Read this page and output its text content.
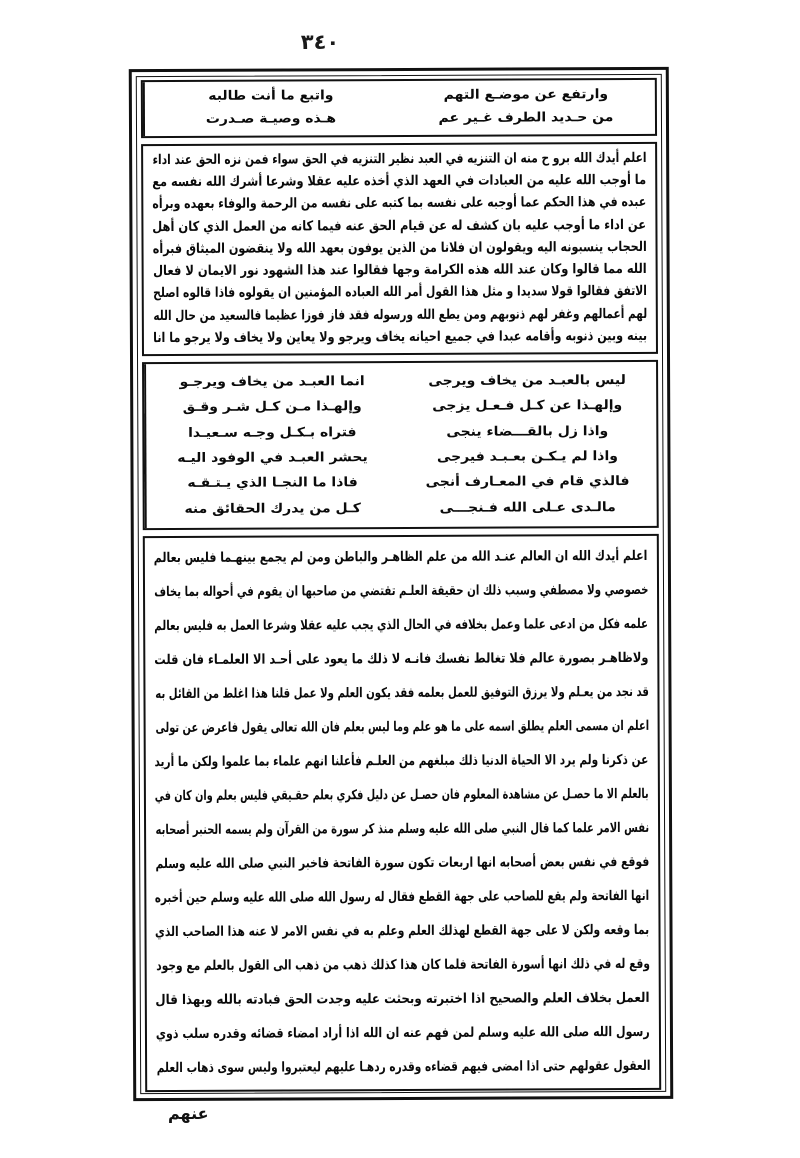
٣٤٠
واتبع ما أنت طالبه
هـذه وصيـة صـدرت
وارتفع عن موضـع التهم
من حـديد الطرف غـير عم
اعلم أيدك الله برو ح منه ان التنزيه في العبد نظير التنزيه في الحق سواء فمن نزه الحق عند اداء
ما أوجب الله عليه من العبادات في العهد الذي أخذه عليه عقلا وشرعا أشرك الله نفسه مع
عبده في هذا الحكم عما أوجبه على نفسه بما كتبه على نفسه من الرحمة والوفاء بعهده وبرأه
عن اداء ما أوجب عليه بان كشف له عن قيام الحق عنه فيما كانه من العمل الذي كان أهل
الحجاب ينسبونه اليه ويقولون ان فلانا من الذين يوفون بعهد الله ولا ينقضون الميثاق فبرأه
الله مما قالوا وكان عند الله هذه الكرامة وجها فقالوا عند هذا الشهود نور الايمان لا فعال
الاتفق فقالوا قولا سديدا و مثل هذا القول أمر الله العباده المؤمنين ان يقولوه فاذا قالوه اصلح
لهم أعمالهم وغفر لهم ذنوبهم ومن يطع الله ورسوله فقد فاز فوزا عظيما فالسعيد من حال الله
بينه وبين ذنوبه وأقامه عبدا في جميع احيانه يخاف ويرجو ولا يعاين ولا يخاف ولا يرجو ما انا
انما العبـد من يخاف ويرجـو
وإلهـذا مـن كـل شـر وقـق
فتراه بـكـل وجـه سـعيـدا
يحشر العبـد في الوفود اليـه
فاذا ما النجـا الذي يـتـقـه
كـل من يدرك الحقائق منه
ليس بالعبـد من يخاف ويرجى
وإلهـذا عن كـل فـعـل يزجى
واذا زل بالقـــضاء ينجى
واذا لم يـكـن بعـبـد فيرجى
فالذي قام في المعـارف أنجى
مالـدى عـلى الله فـنجـــى
اعلم أيدك الله ان العالم عنـد الله من علم الظاهـر والباطن ومن لم يجمع بينهـما فليس بعالم
خصوصي ولا مصطفي وسبب ذلك ان حقيقة العلـم تقتضي من صاحبها ان يقوم في أحواله بما يخاف
علمه فكل من ادعى علما وعمل بخلافه في الحال الذي يجب عليه عقلا وشرعا العمل به فليس بعالم
ولاظاهـر بصورة عالم فلا تغالط نفسك فانـه لا ذلك ما يعود على أحـد الا العلمـاء فان قلت
قد نجد من يعـلم ولا يرزق التوفيق للعمل بعلمه فقد يكون العلم ولا عمل قلنا هذا اغلط من القائل به
اعلم ان مسمى العلم يطلق اسمه على ما هو علم وما ليس بعلم فان الله تعالى يقول فاعرض عن تولى
عن ذكرنا ولم يرد الا الحياة الدنيا ذلك مبلغهم من العلـم فأعلنا انهم علماء بما علموا ولكن ما أريد
بالعلم الا ما حصـل عن مشاهدة المعلوم فان حصـل عن دليل فكري بعلم حقـيقي فليس بعلم وان كان في
نفس الامر علما كما قال النبي صلى الله عليه وسلم منذ كر سورة من القرآن ولم يسمه الحنبر أصحابه
فوقع في نفس بعض أصحابه انها اربعات تكون سورة الفاتحة فاخبر النبي صلى الله عليه وسلم
انها الفاتحة ولم يقع للصاحب على جهة القطع فقال له رسول الله صلى الله عليه وسلم حين أخبره
بما وقعه ولكن لا على جهة القطع لهذلك العلم وعلم به في نفس الامر لا عنه هذا الصاحب الذي
وقع له في ذلك انها أسورة الفاتحة فلما كان هذا كذلك ذهب من ذهب الى القول بالعلم مع وجود
العمل بخلاف العلم والصحيح اذا اختبرته وبحثت عليه وجدت الحق فبادته بالله وبهذا قال
رسول الله صلى الله عليه وسلم لمن فهم عنه ان الله اذا أراد امضاء قضائه وقدره سلب ذوي
العقول عقولهم حتى اذا امضى فيهم قضاءه وقدره ردهـا عليهم ليعتبروا وليس سوى ذهاب العلم
عنهم
